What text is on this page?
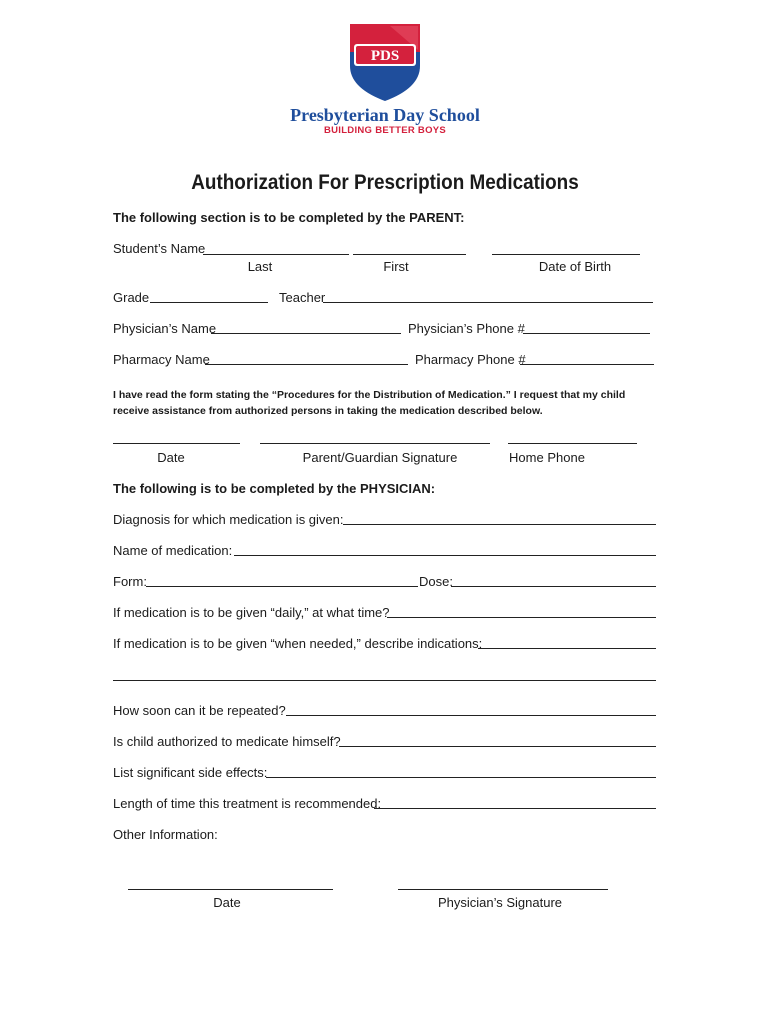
PDS
Presbyterian Day School
BUILDING BETTER BOYS
Authorization For Prescription Medications
The following section is to be completed by the PARENT:
Student’s Name
Last	First	Date of Birth
Grade	Teacher
Physician’s Name	Physician’s Phone #
Pharmacy Name	Pharmacy Phone #
I have read the form stating the “Procedures for the Distribution of Medication.” I request that my child
receive assistance from authorized persons in taking the medication described below.
Date	Parent/Guardian Signature	Home Phone
The following is to be completed by the PHYSICIAN:
Diagnosis for which medication is given:
Name of medication:
Form:	Dose:
If medication is to be given “daily,” at what time?
If medication is to be given “when needed,” describe indications:
How soon can it be repeated?
Is child authorized to medicate himself?
List significant side effects:
Length of time this treatment is recommended:
Other Information:
Date	Physician’s Signature
